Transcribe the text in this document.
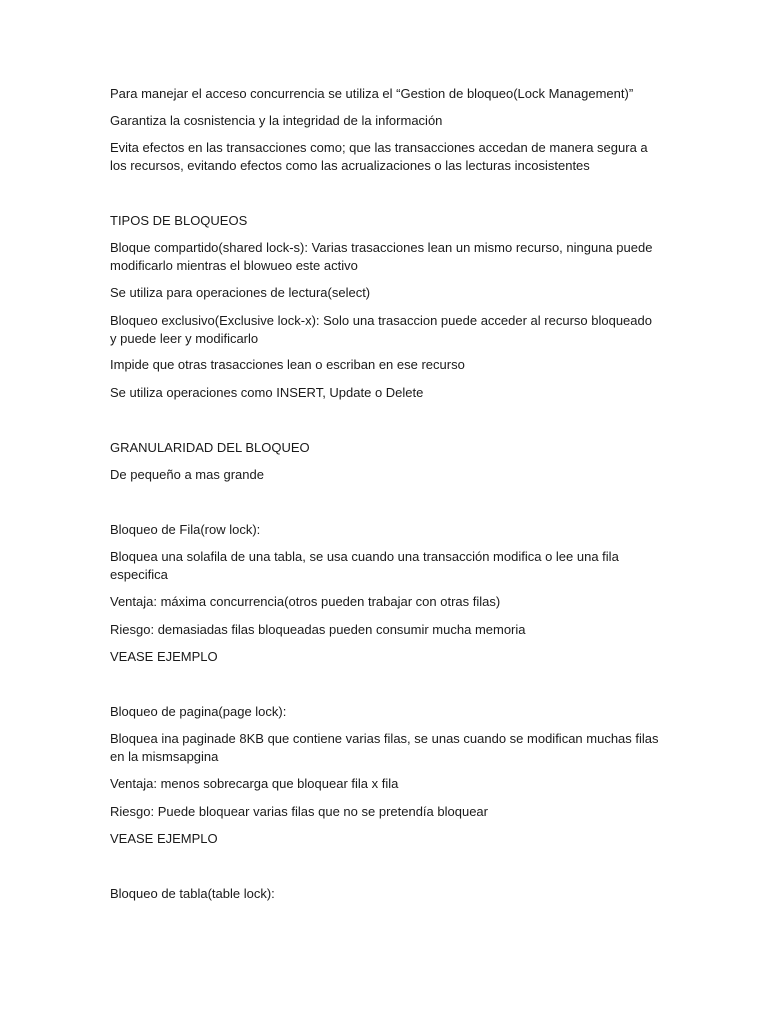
Para manejar el acceso concurrencia se utiliza el “Gestion de bloqueo(Lock Management)”

Garantiza la cosnistencia y la integridad de la información

Evita efectos en las transacciones como; que las transacciones accedan de manera segura a los recursos, evitando efectos como las acrualizaciones o las lecturas incosistentes

TIPOS DE BLOQUEOS

Bloque compartido(shared lock-s): Varias trasacciones lean un mismo recurso, ninguna puede modificarlo mientras el blowueo este activo

Se utiliza para operaciones de lectura(select)

Bloqueo exclusivo(Exclusive lock-x): Solo una trasaccion puede acceder al recurso bloqueado y puede leer y modificarlo

Impide que otras trasacciones lean o escriban en ese recurso

Se utiliza operaciones como INSERT, Update o Delete

GRANULARIDAD DEL BLOQUEO

De pequeño a mas grande

Bloqueo de Fila(row lock):

Bloquea una solafila de una tabla, se usa cuando una transacción modifica o lee una fila especifica

Ventaja: máxima concurrencia(otros pueden trabajar con otras filas)

Riesgo: demasiadas filas bloqueadas pueden consumir mucha memoria

VEASE EJEMPLO

Bloqueo de pagina(page lock):

Bloquea ina paginade 8KB que contiene varias filas, se unas cuando se modifican muchas filas en la mismsapgina

Ventaja: menos sobrecarga que bloquear fila x fila

Riesgo: Puede bloquear varias filas que no se pretendía bloquear

VEASE EJEMPLO

Bloqueo de tabla(table lock):
